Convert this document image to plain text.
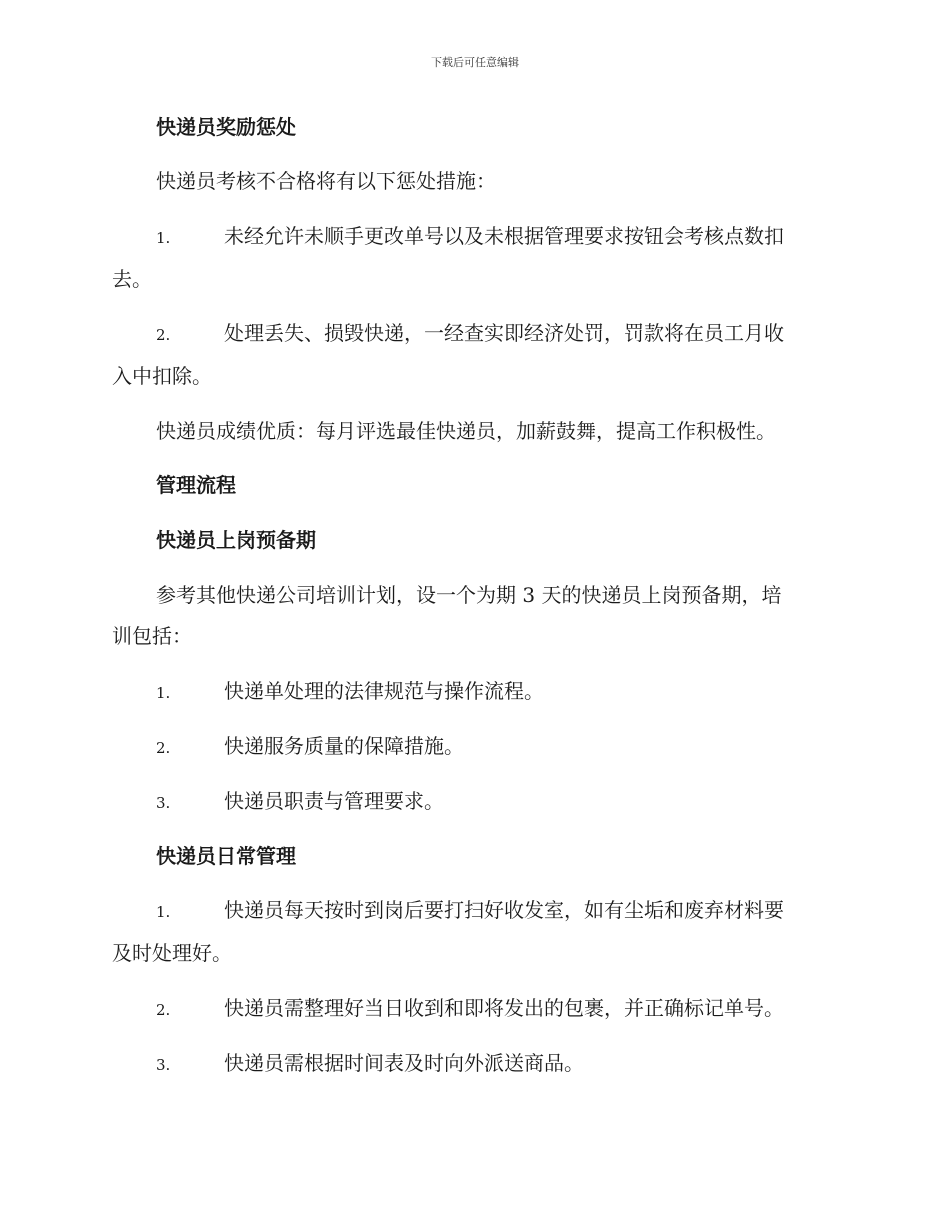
下载后可任意编辑
快递员奖励惩处
快递员考核不合格将有以下惩处措施：
1.	未经允许未顺手更改单号以及未根据管理要求按钮会考核点数扣
去。
2.	处理丢失、损毁快递，一经查实即经济处罚，罚款将在员工月收
入中扣除。
快递员成绩优质：每月评选最佳快递员，加薪鼓舞，提高工作积极性。
管理流程
快递员上岗预备期
参考其他快递公司培训计划，设一个为期 3 天的快递员上岗预备期，培
训包括：
1.	快递单处理的法律规范与操作流程。
2.	快递服务质量的保障措施。
3.	快递员职责与管理要求。
快递员日常管理
1.	快递员每天按时到岗后要打扫好收发室，如有尘垢和废弃材料要
及时处理好。
2.	快递员需整理好当日收到和即将发出的包裹，并正确标记单号。
3.	快递员需根据时间表及时向外派送商品。
